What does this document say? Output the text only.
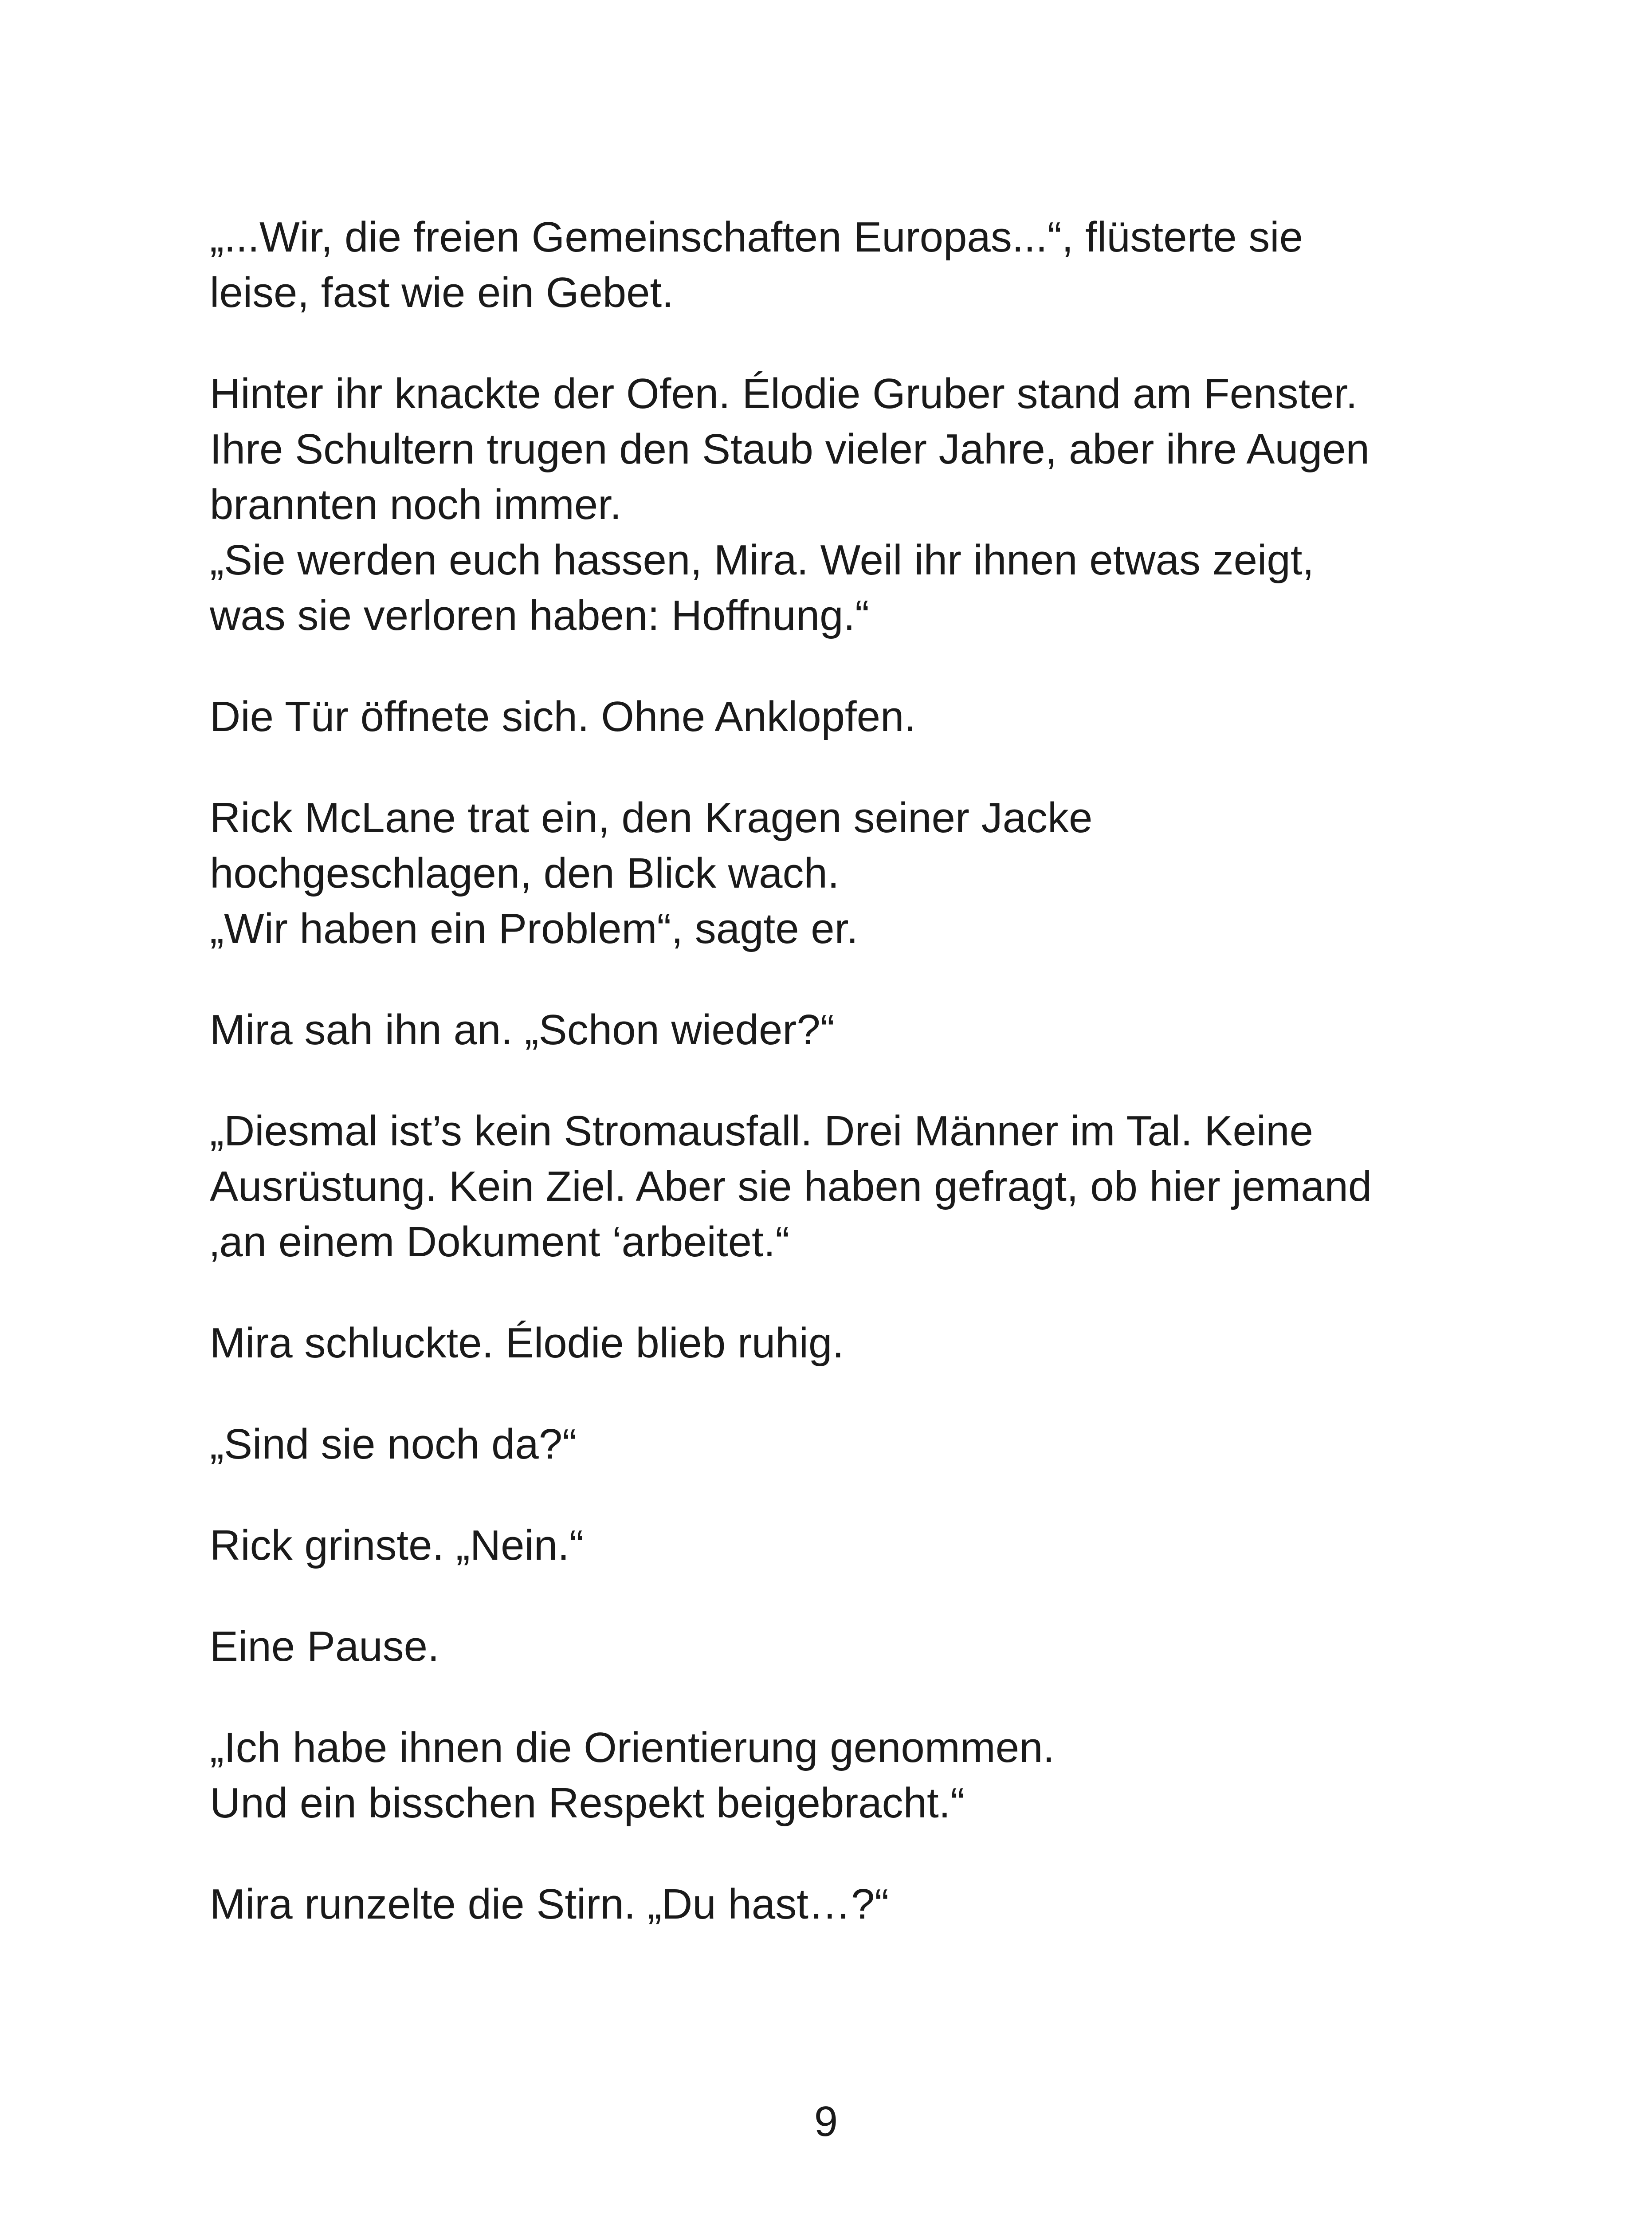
„...Wir, die freien Gemeinschaften Europas...“, flüsterte sie
leise, fast wie ein Gebet.
Hinter ihr knackte der Ofen. Élodie Gruber stand am Fenster.
Ihre Schultern trugen den Staub vieler Jahre, aber ihre Augen
brannten noch immer.
„Sie werden euch hassen, Mira. Weil ihr ihnen etwas zeigt,
was sie verloren haben: Hoffnung.“
Die Tür öffnete sich. Ohne Anklopfen.
Rick McLane trat ein, den Kragen seiner Jacke
hochgeschlagen, den Blick wach.
„Wir haben ein Problem“, sagte er.
Mira sah ihn an. „Schon wieder?“
„Diesmal ist’s kein Stromausfall. Drei Männer im Tal. Keine
Ausrüstung. Kein Ziel. Aber sie haben gefragt, ob hier jemand
‚an einem Dokument ‘arbeitet.“
Mira schluckte. Élodie blieb ruhig.
„Sind sie noch da?“
Rick grinste. „Nein.“
Eine Pause.
„Ich habe ihnen die Orientierung genommen.
Und ein bisschen Respekt beigebracht.“
Mira runzelte die Stirn. „Du hast…?“
9
